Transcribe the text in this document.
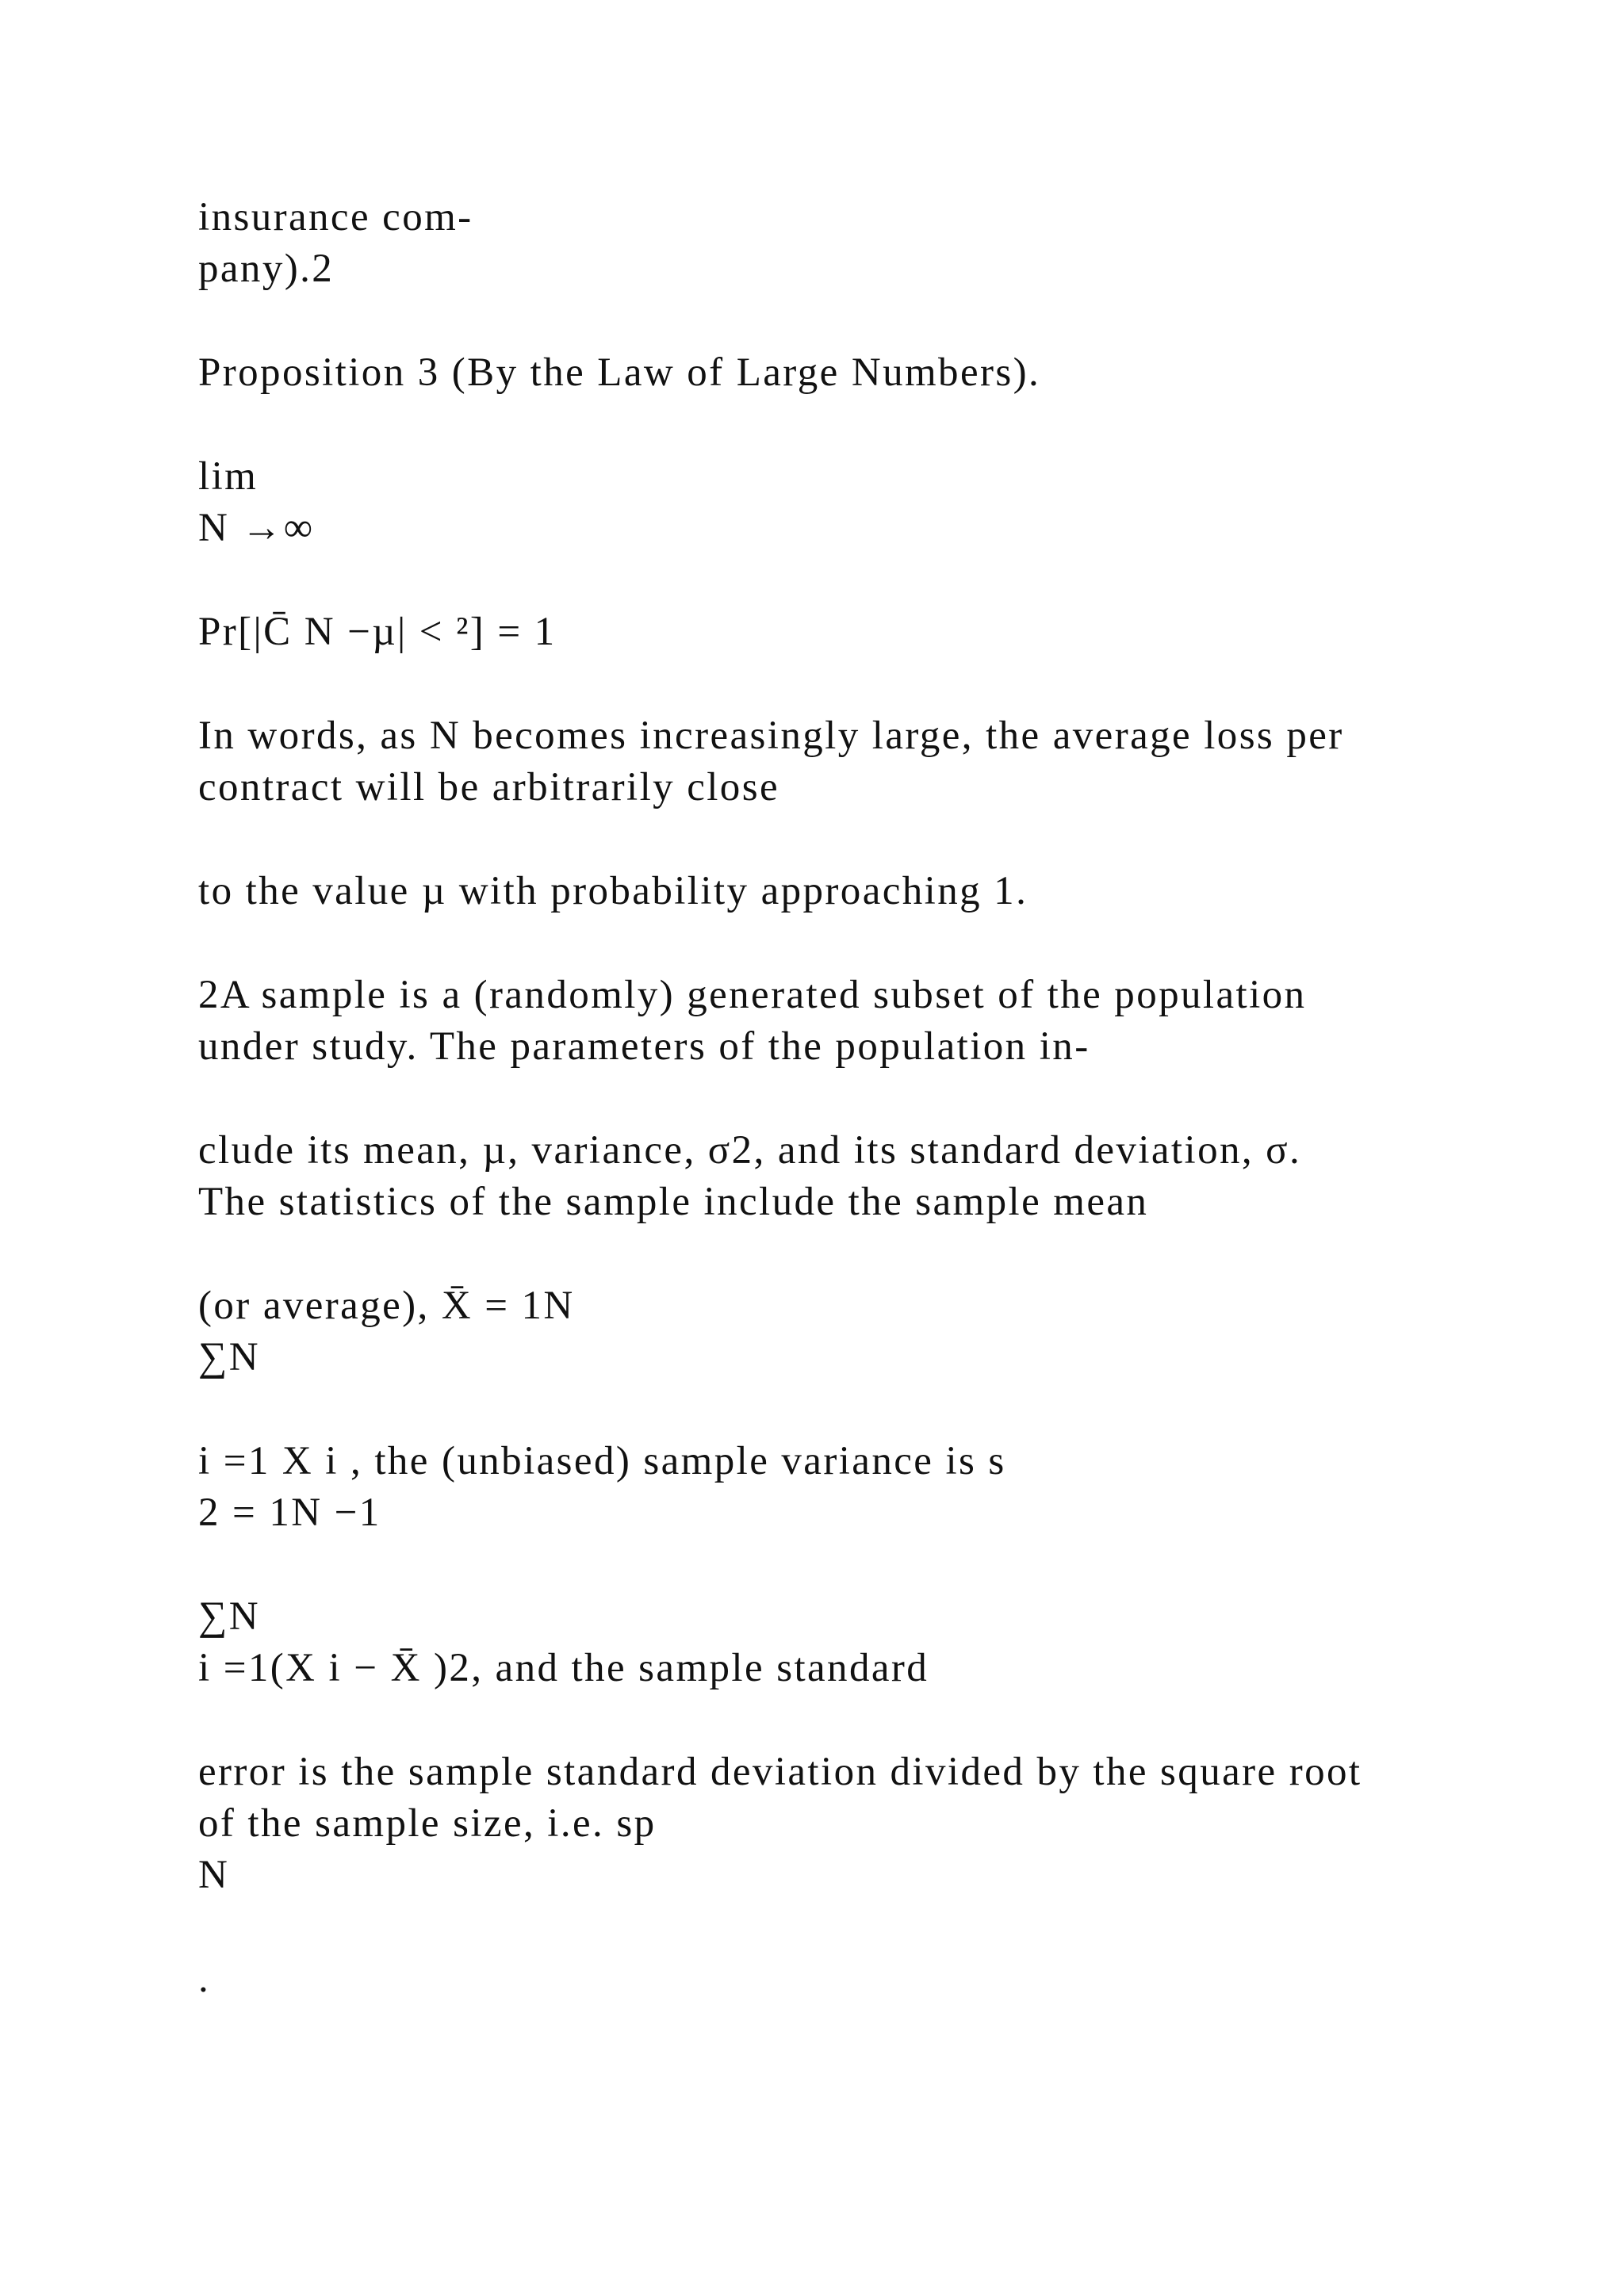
insurance com-
pany).2
Proposition 3 (By the Law of Large Numbers).
lim
N →∞
Pr[|C̄ N −µ| < ²] = 1
In words, as N becomes increasingly large, the average loss per
contract will be arbitrarily close
to the value µ with probability approaching 1.
2A sample is a (randomly) generated subset of the population
under study. The parameters of the population in-
clude its mean, µ, variance, σ2, and its standard deviation, σ.
The statistics of the sample include the sample mean
(or average), X̄ = 1N
∑N
i =1 X i , the (unbiased) sample variance is s
2 = 1N −1
∑N
i =1(X i − X̄ )2, and the sample standard
error is the sample standard deviation divided by the square root
of the sample size, i.e. sp
N
.
